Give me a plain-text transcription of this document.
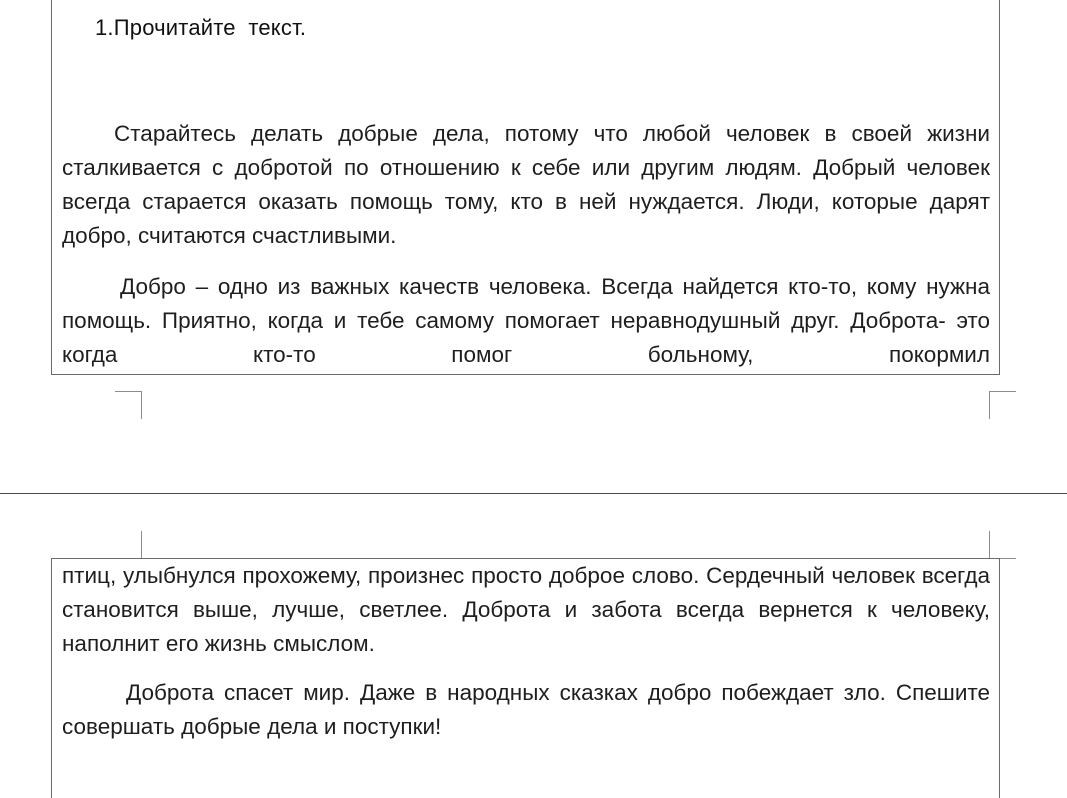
1.Прочитайте  текст.

Старайтесь делать добрые дела, потому что любой человек в своей жизни сталкивается с добротой по отношению к себе или другим людям. Добрый человек всегда старается оказать помощь тому, кто в ней нуждается. Люди, которые дарят добро, считаются счастливыми.

Добро – одно из важных качеств человека. Всегда найдется кто-то, кому нужна помощь. Приятно, когда и тебе самому помогает неравнодушный друг. Доброта- это когда кто-то помог больному, покормил

птиц, улыбнулся прохожему, произнес просто доброе слово. Сердечный человек всегда становится выше, лучше, светлее. Доброта и забота всегда вернется к человеку, наполнит его жизнь смыслом.

Доброта спасет мир. Даже в народных сказках добро побеждает зло. Спешите совершать добрые дела и поступки!
